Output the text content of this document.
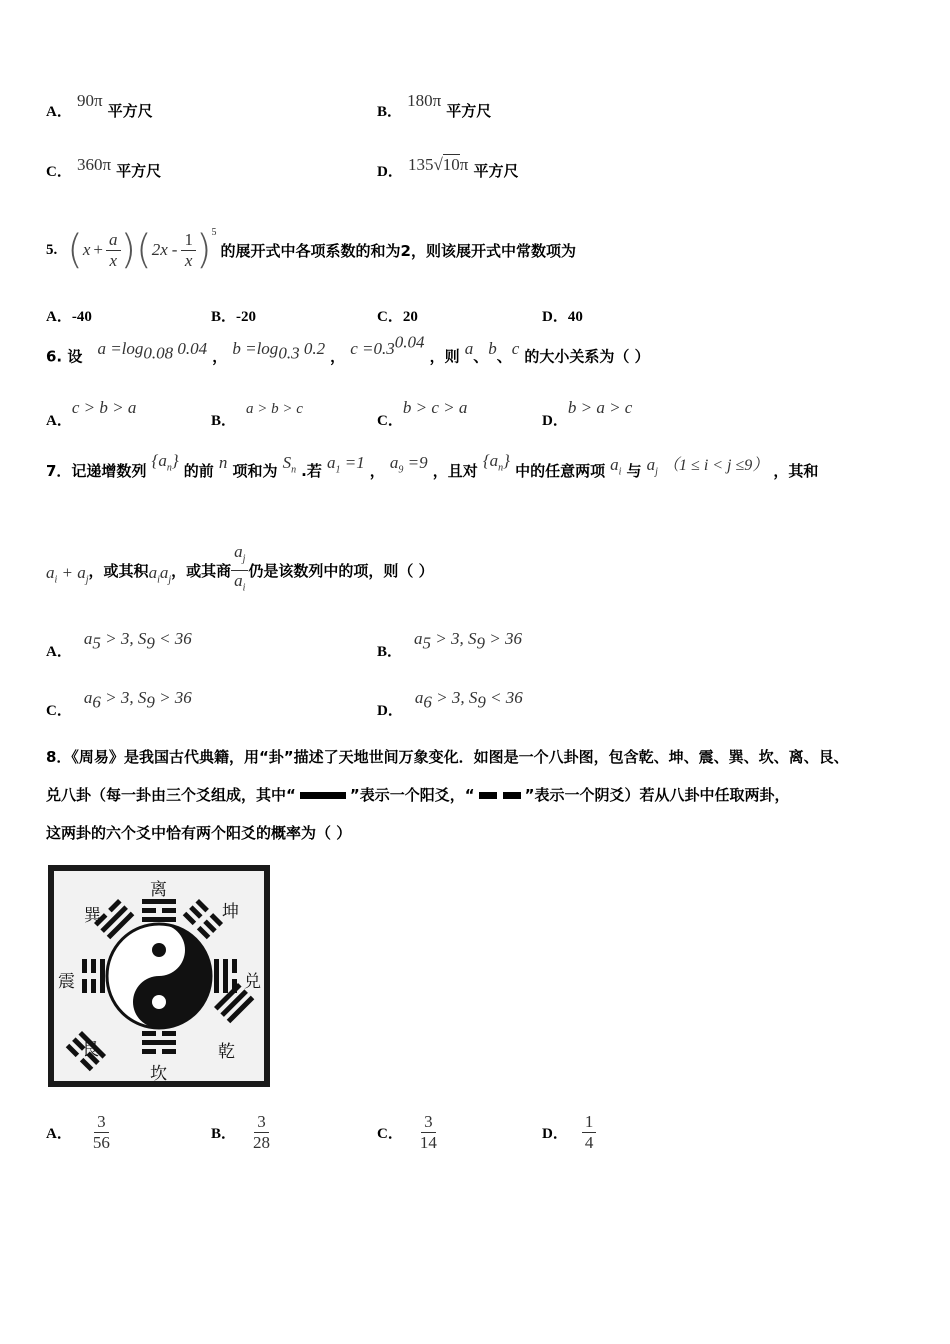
A． 90π 平方尺	B． 180π 平方尺
C． 360π 平方尺	D． 135√10π 平方尺
5. ( $x + \frac{a}{x}$ ) ( $2x - \frac{1}{x}$ ) 5
的展开式中各项系数的和为2，则该展开式中常数项为
A．-40	B．-20	C．20	D．40
6. 设 $a =\log_{0.08}$ 0.04 ， $b =\log_{0.3}$ 0.2 ， $c =0.3^{0.04}$ ，则 a、b、c 的大小关系为（ ）
A．c > b > a
B．a > b > c
C．b > c > a
D．b > a > c
7．记递增数列 $\{a_n\}$ 的前 n 项和为 $S_n$ .若 $a_1 =1$ ， $a_9 =9$ ，且对 $\{a_n\}$ 中的任意两项 $a_i$ 与 $a_j$ （1 ≤ i < j ≤9） ，其和
$a_i + a_j$
，或其积 $a_ia_j$
，或其商 $\frac{a_j}{a_i}$ 仍是该数列中的项，则（ ）
A．$a_5 > 3$, $S_9 < 36$
B．$a_5 > 3$, $S_9 > 36$
C．$a_6 > 3$, $S_9 > 36$
D．$a_6 > 3$, $S_9 < 36$
8．《周易》是我国古代典籍，用“卦”描述了天地世间万象变化．如图是一个八卦图，包含乾、坤、震、巽、坎、离、艮、
兑八卦（每一卦由三个爻组成，其中“	”表示一个阳爻，“	”表示一个阴爻）若从八卦中任取两卦，
这两卦的六个爻中恰有两个阳爻的概率为（ ）
离
坤
兑
乾
坎
艮
震
巽
A． $\frac{3}{56}$	B． $\frac{3}{28}$	C． $\frac{3}{14}$	D． $\frac{1}{4}$
